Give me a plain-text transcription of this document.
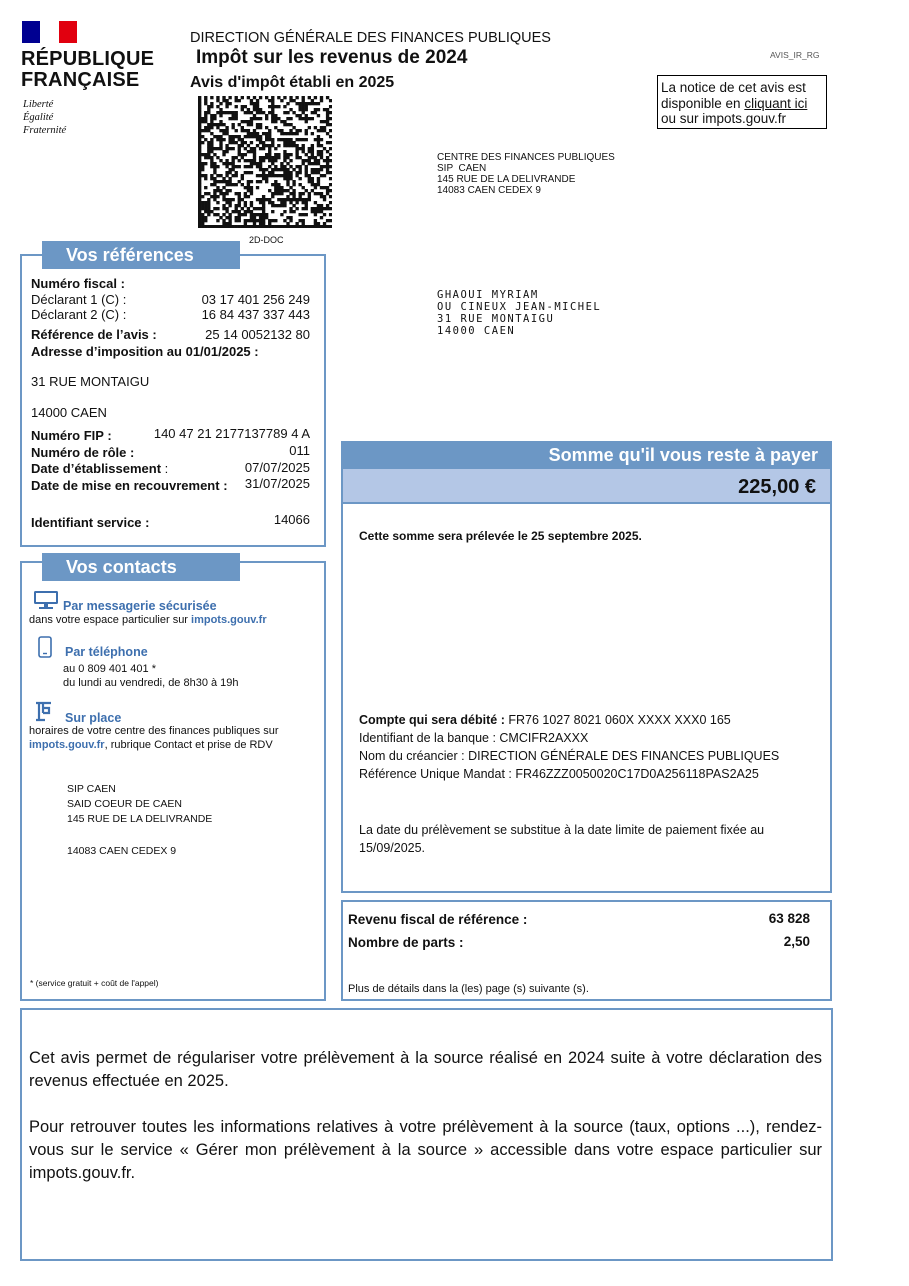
RÉPUBLIQUE
FRANÇAISE
Liberté
Égalité
Fraternité
DIRECTION GÉNÉRALE DES FINANCES PUBLIQUES
Impôt sur les revenus de 2024
Avis d'impôt établi en 2025
AVIS_IR_RG
La notice de cet avis est
disponible en cliquant ici
ou sur impots.gouv.fr
2D-DOC
CENTRE DES FINANCES PUBLIQUES
SIP  CAEN
145 RUE DE LA DELIVRANDE
14083 CAEN CEDEX 9
GHAOUI MYRIAM
OU CINEUX JEAN-MICHEL
31 RUE MONTAIGU
14000 CAEN
Vos références
Numéro fiscal :
Déclarant 1 (C) :	03 17 401 256 249
Déclarant 2 (C) :	16 84 437 337 443
Référence de l’avis :	25 14 0052132 80
Adresse d’imposition au 01/01/2025 :
31 RUE MONTAIGU
14000 CAEN
Numéro FIP :	140 47 21 2177137789 4 A
Numéro de rôle :	011
Date d’établissement :	07/07/2025
Date de mise en recouvrement :	31/07/2025
Identifiant service :	14066
Vos contacts
Par messagerie sécurisée
dans votre espace particulier sur impots.gouv.fr
Par téléphone
au 0 809 401 401 *
du lundi au vendredi, de 8h30 à 19h
Sur place
horaires de votre centre des finances publiques sur
impots.gouv.fr, rubrique Contact et prise de RDV
SIP CAEN
SAID COEUR DE CAEN
145 RUE DE LA DELIVRANDE
14083 CAEN CEDEX 9
* (service gratuit + coût de l'appel)
Somme qu'il vous reste à payer
225,00 €
Cette somme sera prélevée le 25 septembre 2025.
Compte qui sera débité : FR76 1027 8021 060X XXXX XXX0 165
Identifiant de la banque : CMCIFR2AXXX
Nom du créancier : DIRECTION GÉNÉRALE DES FINANCES PUBLIQUES
Référence Unique Mandat : FR46ZZZ0050020C17D0A256118PAS2A25
La date du prélèvement se substitue à la date limite de paiement fixée au
15/09/2025.
Revenu fiscal de référence :	63 828
Nombre de parts :	2,50
Plus de détails dans la (les) page (s) suivante (s).
Cet avis permet de régulariser votre prélèvement à la source réalisé en 2024 suite à votre déclaration des revenus effectuée en 2025.
Pour retrouver toutes les informations relatives à votre prélèvement à la source (taux, options ...), rendez-vous sur le service « Gérer mon prélèvement à la source » accessible dans votre espace particulier sur impots.gouv.fr.
